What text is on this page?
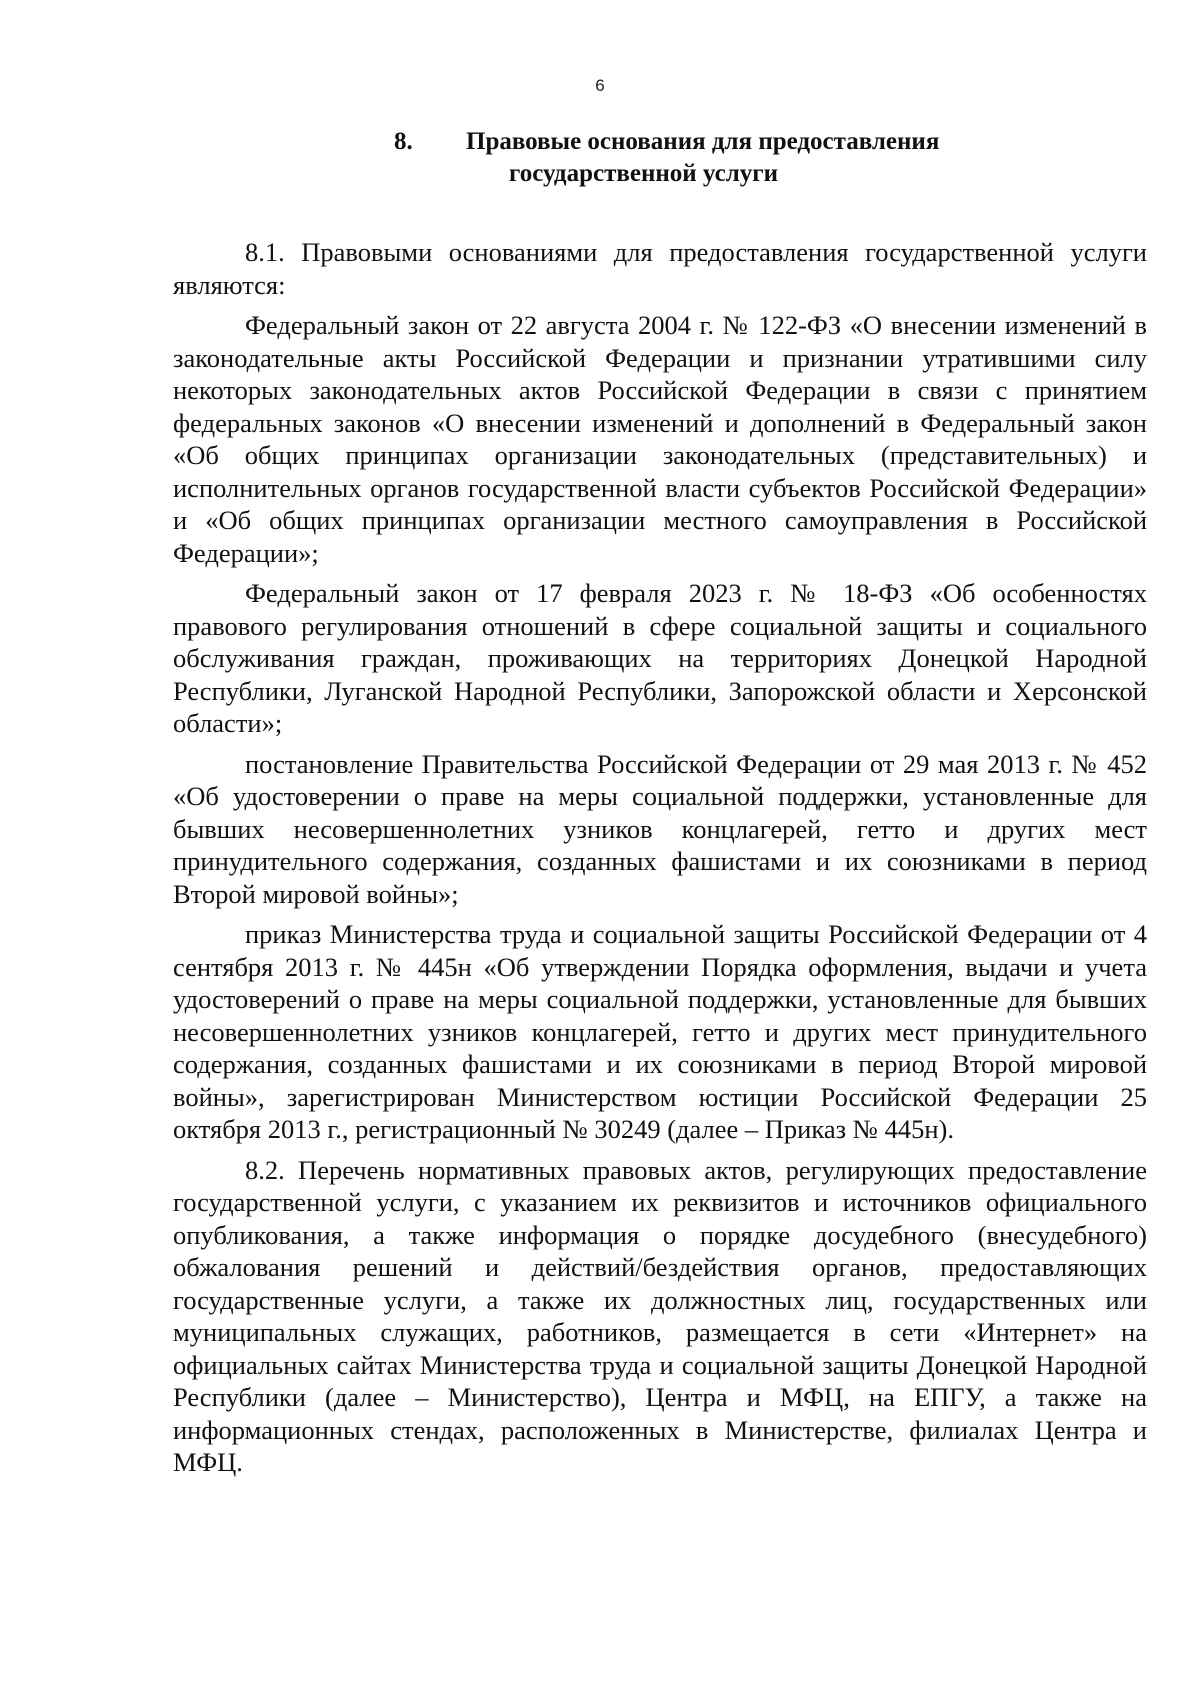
6
8.	Правовые основания для предоставления
государственной услуги

8.1. Правовыми основаниями для предоставления государственной услуги являются:

Федеральный закон от 22 августа 2004 г. № 122-ФЗ «О внесении изменений в законодательные акты Российской Федерации и признании утратившими силу некоторых законодательных актов Российской Федерации в связи с принятием федеральных законов «О внесении изменений и дополнений в Федеральный закон «Об общих принципах организации законодательных (представительных) и исполнительных органов государственной власти субъектов Российской Федерации» и «Об общих принципах организации местного самоуправления в Российской Федерации»;

Федеральный закон от 17 февраля 2023 г. № 18-ФЗ «Об особенностях правового регулирования отношений в сфере социальной защиты и социального обслуживания граждан, проживающих на территориях Донецкой Народной Республики, Луганской Народной Республики, Запорожской области и Херсонской области»;

постановление Правительства Российской Федерации от 29 мая 2013 г. № 452 «Об удостоверении о праве на меры социальной поддержки, установленные для бывших несовершеннолетних узников концлагерей, гетто и других мест принудительного содержания, созданных фашистами и их союзниками в период Второй мировой войны»;

приказ Министерства труда и социальной защиты Российской Федерации от 4 сентября 2013 г. № 445н «Об утверждении Порядка оформления, выдачи и учета удостоверений о праве на меры социальной поддержки, установленные для бывших несовершеннолетних узников концлагерей, гетто и других мест принудительного содержания, созданных фашистами и их союзниками в период Второй мировой войны», зарегистрирован Министерством юстиции Российской Федерации 25 октября 2013 г., регистрационный № 30249 (далее – Приказ № 445н).

8.2. Перечень нормативных правовых актов, регулирующих предоставление государственной услуги, с указанием их реквизитов и источников официального опубликования, а также информация о порядке досудебного (внесудебного) обжалования решений и действий/бездействия органов, предоставляющих государственные услуги, а также их должностных лиц, государственных или муниципальных служащих, работников, размещается в сети «Интернет» на официальных сайтах Министерства труда и социальной защиты Донецкой Народной Республики (далее – Министерство), Центра и МФЦ, на ЕПГУ, а также на информационных стендах, расположенных в Министерстве, филиалах Центра и МФЦ.
